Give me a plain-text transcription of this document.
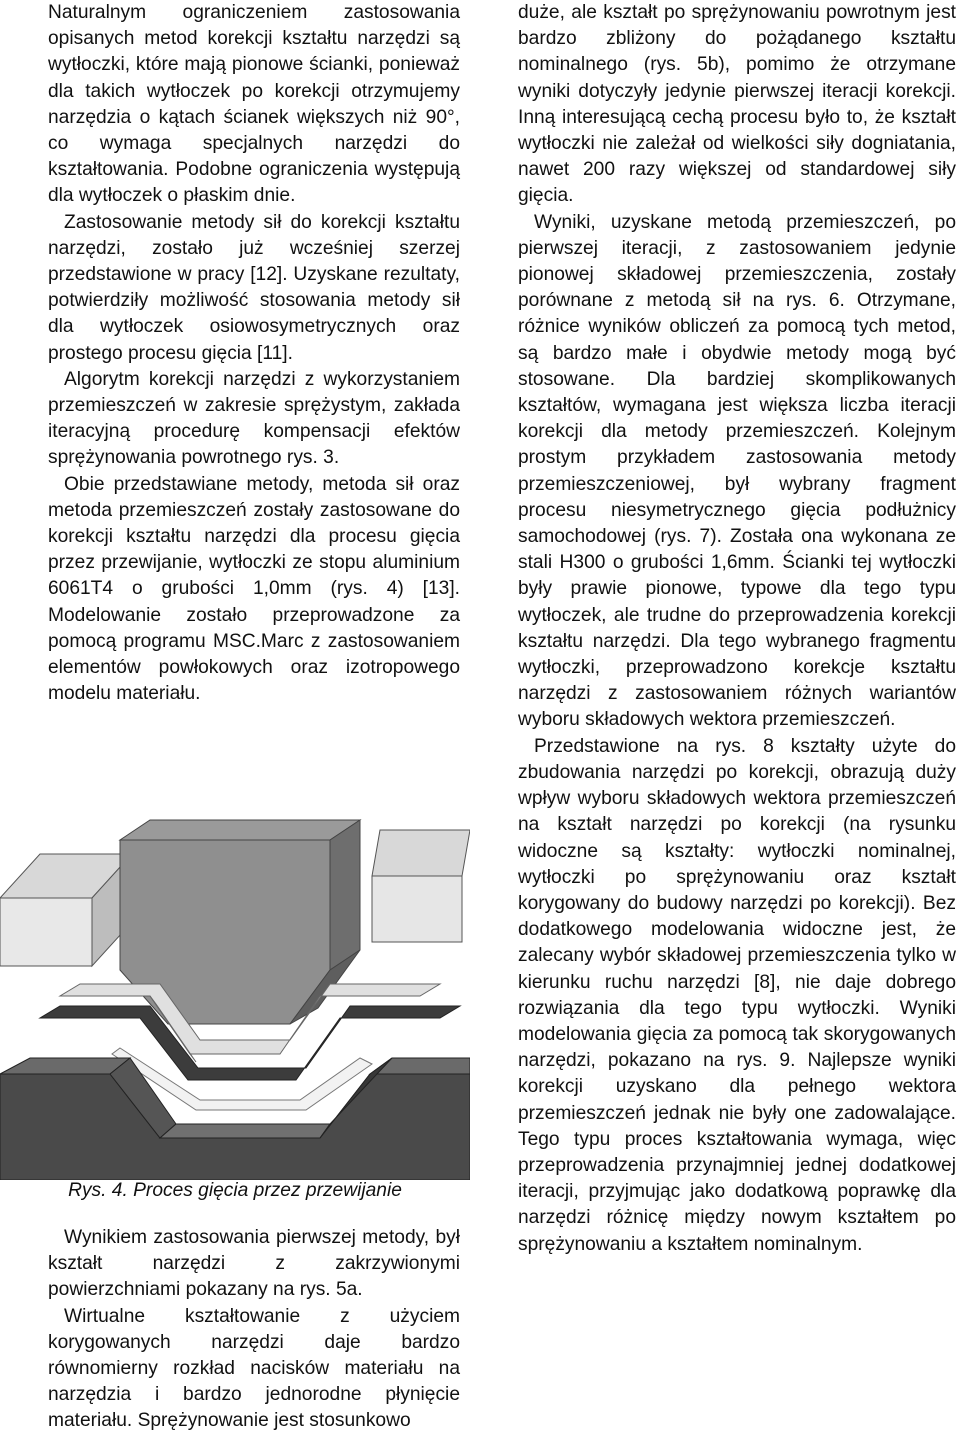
Naturalnym ograniczeniem zastosowania opisanych metod korekcji kształtu narzędzi są wytłoczki, które mają pionowe ścianki, ponieważ dla takich wytłoczek po korekcji otrzymujemy narzędzia o kątach ścianek większych niż 90°, co wymaga specjalnych narzędzi do kształtowania. Podobne ograniczenia występują dla wytłoczek o płaskim dnie.

Zastosowanie metody sił do korekcji kształtu narzędzi, zostało już wcześniej szerzej przedstawione w pracy [12]. Uzyskane rezultaty, potwierdziły możliwość stosowania metody sił dla wytłoczek osiowosymetrycznych oraz prostego procesu gięcia [11].

Algorytm korekcji narzędzi z wykorzystaniem przemieszczeń w zakresie sprężystym, zakłada iteracyjną procedurę kompensacji efektów sprężynowania powrotnego rys. 3.

Obie przedstawiane metody, metoda sił oraz metoda przemieszczeń zostały zastosowane do korekcji kształtu narzędzi dla procesu gięcia przez przewijanie, wytłoczki ze stopu aluminium 6061T4 o grubości 1,0mm (rys. 4) [13]. Modelowanie zostało przeprowadzone za pomocą programu MSC.Marc z zastosowaniem elementów powłokowych oraz izotropowego modelu materiału.

Rys. 4. Proces gięcia przez przewijanie

Wynikiem zastosowania pierwszej metody, był kształt narzędzi z zakrzywionymi powierzchniami pokazany na rys. 5a.

Wirtualne kształtowanie z użyciem korygowanych narzędzi daje bardzo równomierny rozkład nacisków materiału na narzędzia i bardzo jednorodne płynięcie materiału. Sprężynowanie jest stosunkowo

duże, ale kształt po sprężynowaniu powrotnym jest bardzo zbliżony do pożądanego kształtu nominalnego (rys. 5b), pomimo że otrzymane wyniki dotyczyły jedynie pierwszej iteracji korekcji. Inną interesującą cechą procesu było to, że kształt wytłoczki nie zależał od wielkości siły dogniatania, nawet 200 razy większej od standardowej siły gięcia.

Wyniki, uzyskane metodą przemieszczeń, po pierwszej iteracji, z zastosowaniem jedynie pionowej składowej przemieszczenia, zostały porównane z metodą sił na rys. 6. Otrzymane, różnice wyników obliczeń za pomocą tych metod, są bardzo małe i obydwie metody mogą być stosowane. Dla bardziej skomplikowanych kształtów, wymagana jest większa liczba iteracji korekcji dla metody przemieszczeń. Kolejnym prostym przykładem zastosowania metody przemieszczeniowej, był wybrany fragment procesu niesymetrycznego gięcia podłużnicy samochodowej (rys. 7). Została ona wykonana ze stali H300 o grubości 1,6mm. Ścianki tej wytłoczki były prawie pionowe, typowe dla tego typu wytłoczek, ale trudne do przeprowadzenia korekcji kształtu narzędzi. Dla tego wybranego fragmentu wytłoczki, przeprowadzono korekcje kształtu narzędzi z zastosowaniem różnych wariantów wyboru składowych wektora przemieszczeń.

Przedstawione na rys. 8 kształty użyte do zbudowania narzędzi po korekcji, obrazują duży wpływ wyboru składowych wektora przemieszczeń na kształt narzędzi po korekcji (na rysunku widoczne są kształty: wytłoczki nominalnej, wytłoczki po sprężynowaniu oraz kształt korygowany do budowy narzędzi po korekcji). Bez dodatkowego modelowania widoczne jest, że zalecany wybór składowej przemieszczenia tylko w kierunku ruchu narzędzi [8], nie daje dobrego rozwiązania dla tego typu wytłoczki. Wyniki modelowania gięcia za pomocą tak skorygowanych narzędzi, pokazano na rys. 9. Najlepsze wyniki korekcji uzyskano dla pełnego wektora przemieszczeń jednak nie były one zadowalające. Tego typu proces kształtowania wymaga, więc przeprowadzenia przynajmniej jednej dodatkowej iteracji, przyjmując jako dodatkową poprawkę dla narzędzi różnicę między nowym kształtem po sprężynowaniu a kształtem nominalnym.
